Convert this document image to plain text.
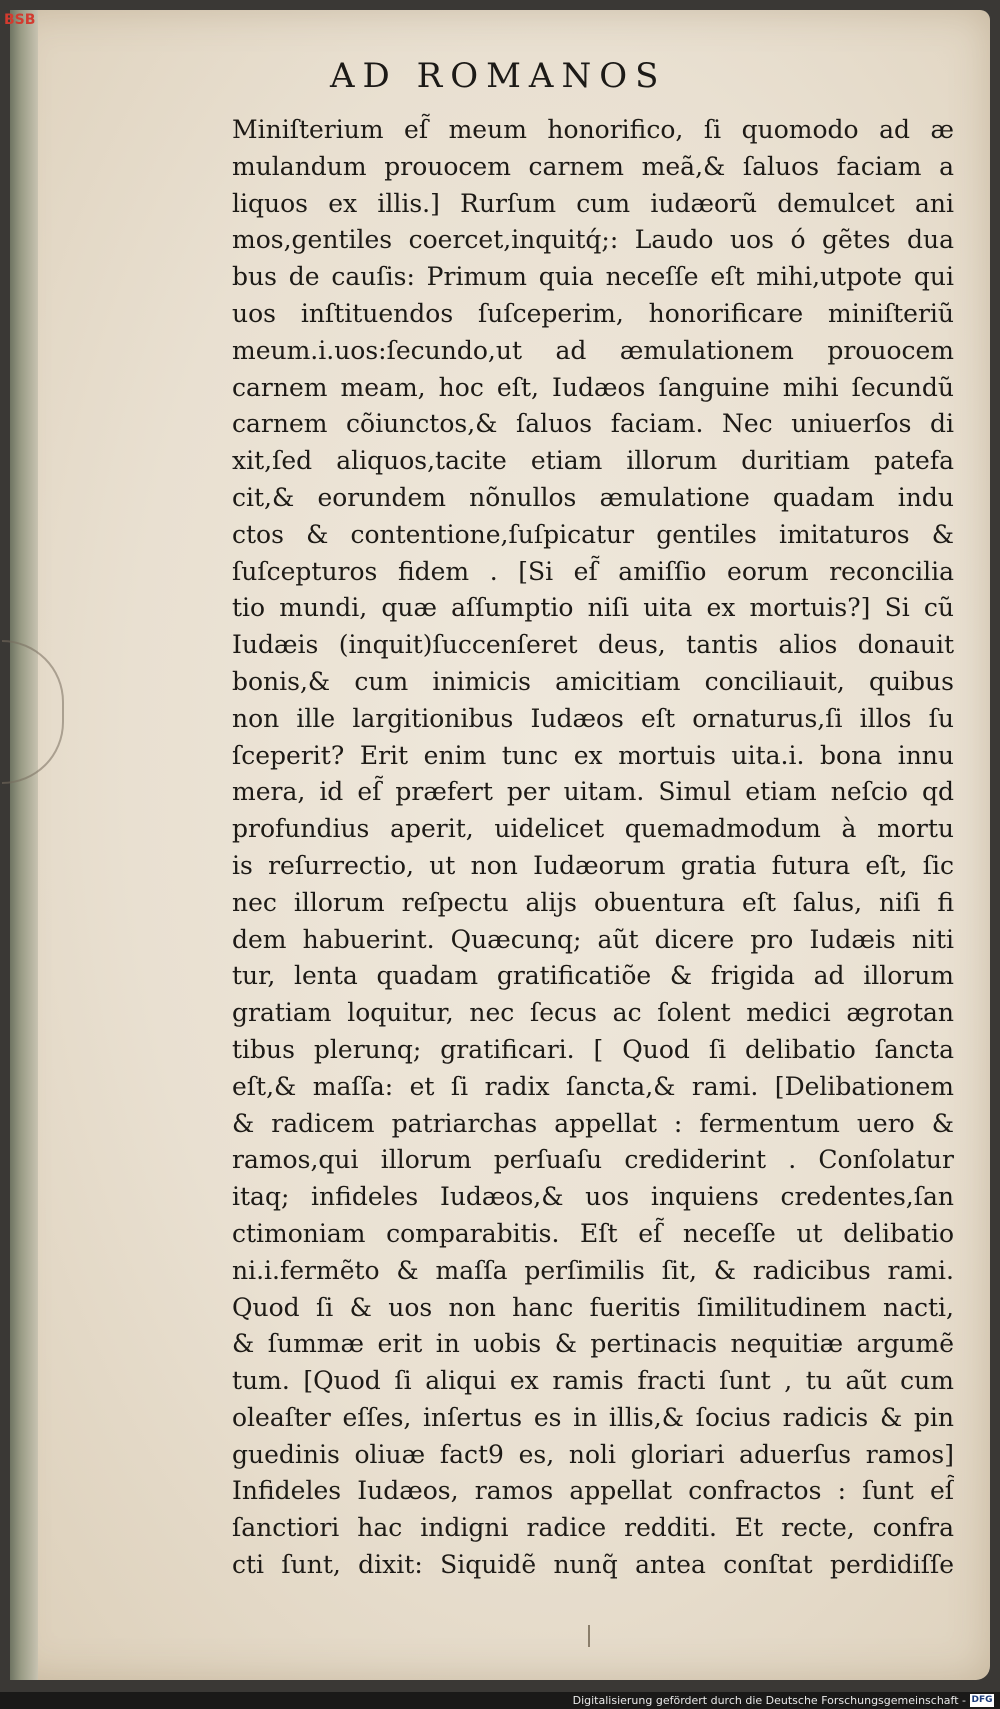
BSB
AD ROMANOS
Miniſterium eſ̃ meum honorifico, ſi quomodo ad æ
mulandum prouocem carnem meã,& ſaluos faciam a
liquos ex illis.] Rurſum cum iudæorũ demulcet ani
mos,gentiles coercet,inquitq́;: Laudo uos ó gẽtes dua
bus de cauſis: Primum quia neceſſe eſt mihi,utpote qui
uos inſtituendos ſuſceperim, honorificare miniſteriũ
meum.i.uos:ſecundo,ut ad æmulationem prouocem
carnem meam, hoc eſt, Iudæos ſanguine mihi ſecundũ
carnem cõiunctos,& ſaluos faciam. Nec uniuerſos di
xit,ſed aliquos,tacite etiam illorum duritiam patefa
cit,& eorundem nõnullos æmulatione quadam indu
ctos & contentione,ſuſpicatur gentiles imitaturos &
ſuſcepturos fidem . [Si eſ̃ amiſſio eorum reconcilia
tio mundi, quæ aſſumptio niſi uita ex mortuis?] Si cũ
Iudæis (inquit)ſuccenſeret deus, tantis alios donauit
bonis,& cum inimicis amicitiam conciliauit, quibus
non ille largitionibus Iudæos eſt ornaturus,ſi illos ſu
ſceperit? Erit enim tunc ex mortuis uita.i. bona innu
mera, id eſ̃ præfert per uitam. Simul etiam neſcio qd
profundius aperit, uidelicet quemadmodum à mortu
is reſurrectio, ut non Iudæorum gratia futura eſt, ſic
nec illorum reſpectu alijs obuentura eſt ſalus, niſi fi
dem habuerint. Quæcunq; aũt dicere pro Iudæis niti
tur, lenta quadam gratificatiõe & frigida ad illorum
gratiam loquitur, nec ſecus ac ſolent medici ægrotan
tibus plerunq; gratificari. [ Quod ſi delibatio ſancta
eſt,& maſſa: et ſi radix ſancta,& rami. [Delibationem
& radicem patriarchas appellat : fermentum uero &
ramos,qui illorum perſuaſu crediderint . Conſolatur
itaq; infideles Iudæos,& uos inquiens credentes,ſan
ctimoniam comparabitis. Eſt eſ̃ neceſſe ut delibatio
ni.i.fermẽto & maſſa perſimilis ſit, & radicibus rami.
Quod ſi & uos non hanc fueritis ſimilitudinem nacti,
& ſummæ erit in uobis & pertinacis nequitiæ argumẽ
tum. [Quod ſi aliqui ex ramis fracti ſunt , tu aũt cum
oleaſter eſſes, inſertus es in illis,& ſocius radicis & pin
guedinis oliuæ fact9 es, noli gloriari aduerſus ramos]
Infideles Iudæos, ramos appellat confractos : ſunt eſ̃
ſanctiori hac indigni radice redditi. Et recte, confra
cti ſunt, dixit: Siquidẽ nunq̃ antea conſtat perdidiſſe
Digitalisierung gefördert durch die Deutsche Forschungsgemeinschaft - DFG
